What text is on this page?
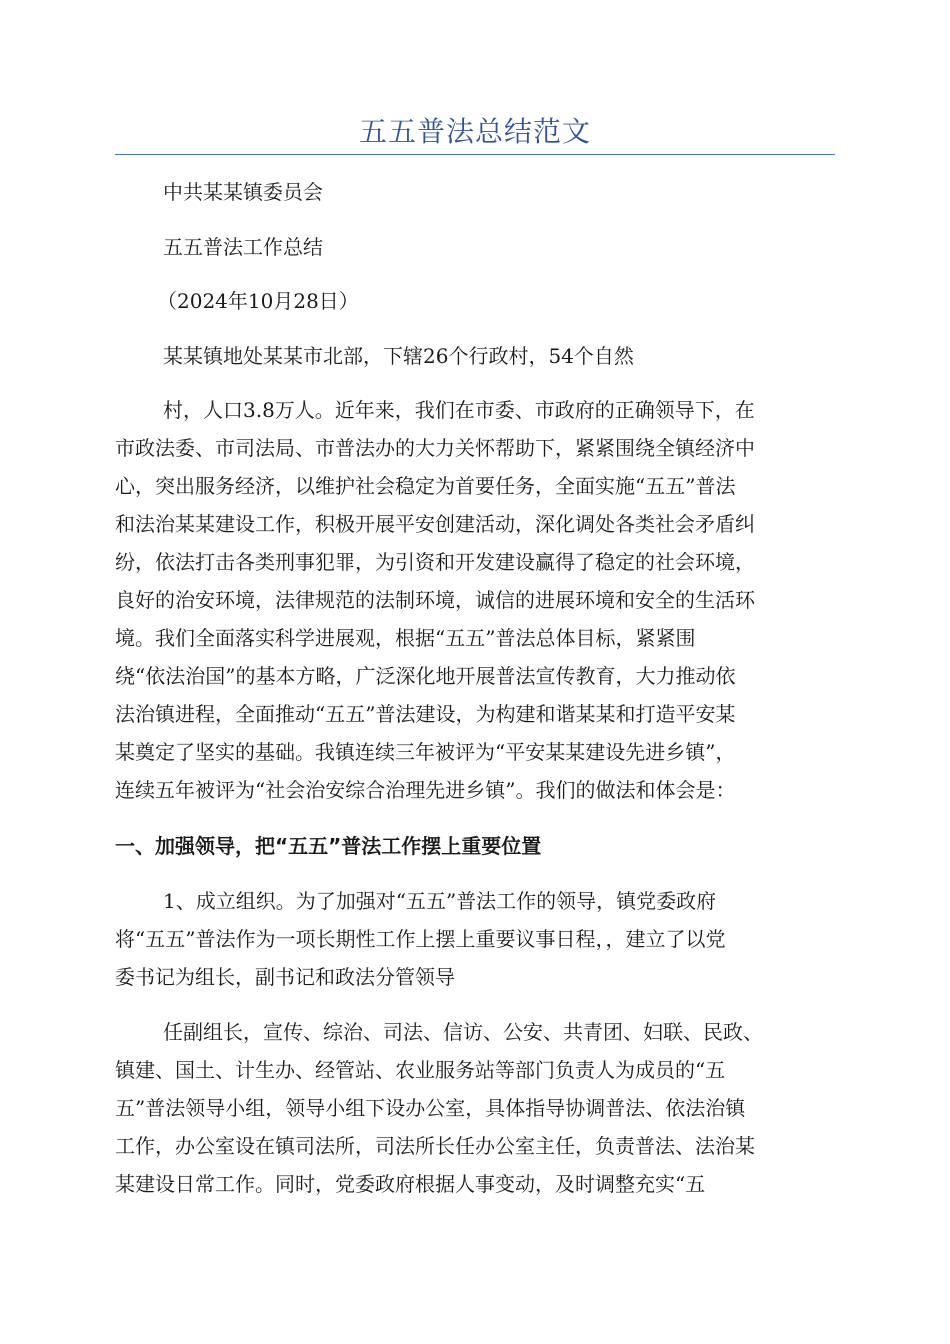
五五普法总结范文
中共某某镇委员会
五五普法工作总结
（2024年10月28日）
某某镇地处某某市北部，下辖26个行政村，54个自然
村，人口3.8万人。近年来，我们在市委、市政府的正确领导下，在
市政法委、市司法局、市普法办的大力关怀帮助下，紧紧围绕全镇经济中
心，突出服务经济，以维护社会稳定为首要任务，全面实施“五五”普法
和法治某某建设工作，积极开展平安创建活动，深化调处各类社会矛盾纠
纷，依法打击各类刑事犯罪，为引资和开发建设赢得了稳定的社会环境，
良好的治安环境，法律规范的法制环境，诚信的进展环境和安全的生活环
境。我们全面落实科学进展观，根据“五五”普法总体目标，紧紧围
绕“依法治国”的基本方略，广泛深化地开展普法宣传教育，大力推动依
法治镇进程，全面推动“五五”普法建设，为构建和谐某某和打造平安某
某奠定了坚实的基础。我镇连续三年被评为“平安某某建设先进乡镇”，
连续五年被评为“社会治安综合治理先进乡镇”。我们的做法和体会是：
一、加强领导，把“五五”普法工作摆上重要位置
1、成立组织。为了加强对“五五”普法工作的领导，镇党委政府
将“五五”普法作为一项长期性工作上摆上重要议事日程，，建立了以党
委书记为组长，副书记和政法分管领导
任副组长，宣传、综治、司法、信访、公安、共青团、妇联、民政、
镇建、国土、计生办、经管站、农业服务站等部门负责人为成员的“五
五”普法领导小组，领导小组下设办公室，具体指导协调普法、依法治镇
工作，办公室设在镇司法所，司法所长任办公室主任，负责普法、法治某
某建设日常工作。同时，党委政府根据人事变动，及时调整充实“五
